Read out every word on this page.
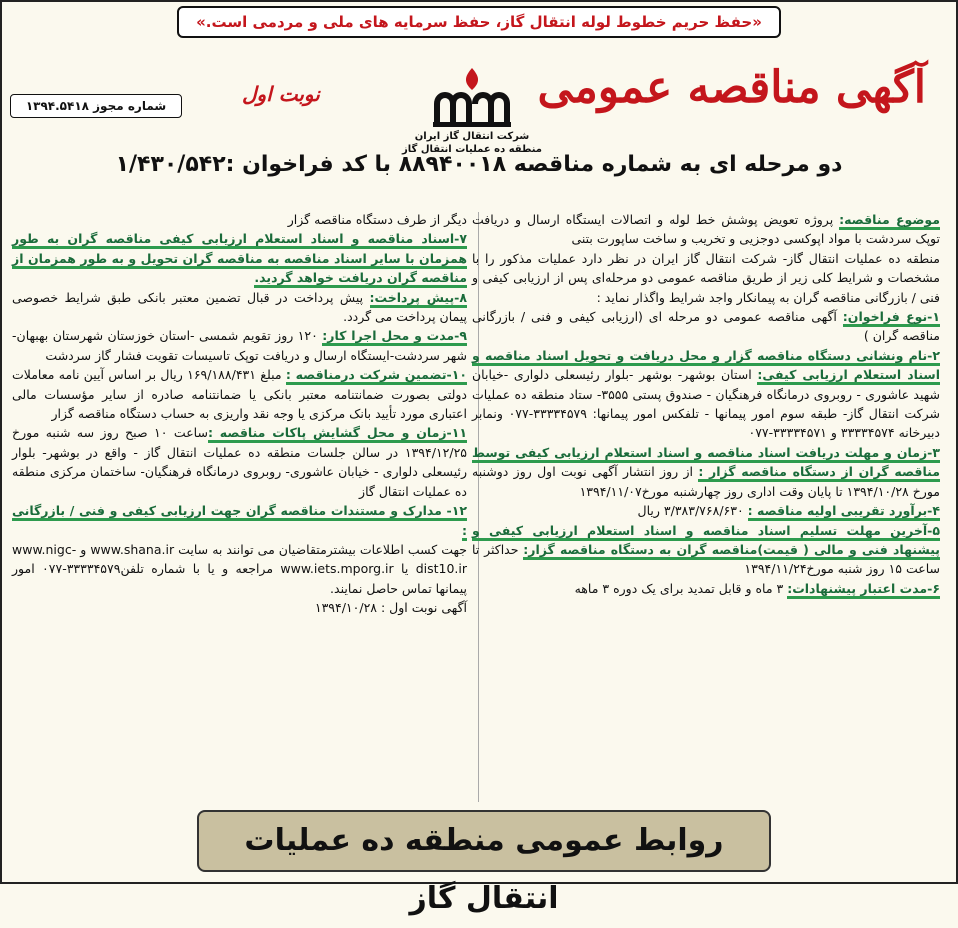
«حفظ حریم خطوط لوله انتقال گاز، حفظ سرمایه های ملی و مردمی است.»
شماره مجوز ۱۳۹۴.۵۴۱۸	نوبت اول
شرکت انتقال گاز ایران
منطقه ده عملیات انتقال گاز
آگهی مناقصه عمومی
دو مرحله ای به شماره مناقصه ۸۸۹۴۰۰۱۸ با کد فراخوان :۱/۴۳۰/۵۴۲
موضوع مناقصه: پروژه تعویض پوشش خط لوله و اتصالات ایستگاه ارسال و دریافت توپک سردشت با مواد اپوکسی دوجزیی و تخریب و ساخت ساپورت بتنی
منطقه ده عملیات انتقال گاز- شرکت انتقال گاز ایران در نظر دارد عملیات مذکور را با مشخصات و شرایط کلی زیر از طریق مناقصه عمومی دو مرحله‌ای پس از ارزیابی کیفی و فنی / بازرگانی مناقصه گران به پیمانکار واجد شرایط واگذار نماید :
۱-نوع فراخوان: آگهی مناقصه عمومی دو مرحله ای (ارزیابی کیفی و فنی / بازرگانی مناقصه گران )
۲-نام ونشانی دستگاه مناقصه گزار و محل دریافت و تحویل اسناد مناقصه و اسناد استعلام ارزیابی کیفی: استان بوشهر- بوشهر -بلوار رئیسعلی دلواری -خیابان شهید عاشوری - روبروی درمانگاه فرهنگیان - صندوق پستی ۳۵۵۵- ستاد منطقه ده عملیات شرکت انتقال گاز- طبقه سوم امور پیمانها - تلفکس امور پیمانها: ۳۳۳۳۴۵۷۹-۰۷۷ ونمابر دبیرخانه ۳۳۳۳۴۵۷۴ و ۳۳۳۳۴۵۷۱-۰۷۷
۳-زمان و مهلت دریافت اسناد مناقصه و اسناد استعلام ارزیابی کیفی توسط مناقصه گران از دستگاه مناقصه گزار : از روز انتشار آگهی نوبت اول روز دوشنبه مورخ ۱۳۹۴/۱۰/۲۸ تا پایان وقت اداری روز چهارشنبه مورخ۱۳۹۴/۱۱/۰۷
۴-برآورد تقریبی اولیه مناقصه : ۳/۳۸۳/۷۶۸/۶۳۰ ریال
۵-آخرین مهلت تسلیم اسناد مناقصه و اسناد استعلام ارزیابی کیفی و پیشنهاد فنی و مالی ( قیمت)مناقصه گران به دستگاه مناقصه گزار: حداکثر تا ساعت ۱۵ روز شنبه مورخ۱۳۹۴/۱۱/۲۴
۶-مدت اعتبار پیشنهادات: ۳ ماه و قابل تمدید برای یک دوره ۳ ماهه
دیگر از طرف دستگاه مناقصه گزار
۷-اسناد مناقصه و اسناد استعلام ارزیابی کیفی مناقصه گران به طور همزمان با سایر اسناد مناقصه به مناقصه گران تحویل و به طور همزمان از مناقصه گران دریافت خواهد گردید.
۸-پیش پرداخت: پیش پرداخت در قبال تضمین معتبر بانکی طبق شرایط خصوصی پیمان پرداخت می گردد.
۹-مدت و محل اجرا کار: ۱۲۰ روز تقویم شمسی -استان خوزستان شهرستان بهبهان-شهر سردشت-ایستگاه ارسال و دریافت توپک تاسیسات تقویت فشار گاز سردشت
۱۰-تضمین شرکت درمناقصه : مبلغ ۱۶۹/۱۸۸/۴۳۱ ریال بر اساس آیین نامه معاملات دولتی بصورت ضمانتنامه معتبر بانکی یا ضمانتنامه صادره از سایر مؤسسات مالی اعتباری مورد تأیید بانک مرکزی یا وجه نقد واریزی به حساب دستگاه مناقصه گزار
۱۱-زمان و محل گشایش پاکات مناقصه :ساعت ۱۰ صبح روز سه شنبه مورخ ۱۳۹۴/۱۲/۲۵ در سالن جلسات منطقه ده عملیات انتقال گاز - واقع در بوشهر- بلوار رئیسعلی دلواری - خیابان عاشوری- روبروی درمانگاه فرهنگیان- ساختمان مرکزی منطقه ده عملیات انتقال گاز
۱۲- مدارک و مستندات مناقصه گران جهت ارزیابی کیفی و فنی / بازرگانی :
جهت کسب اطلاعات بیشترمتقاضیان می توانند به سایت www.shana.ir و www.nigc-dist10.ir یا www.iets.mporg.ir مراجعه و یا با شماره تلفن۳۳۳۳۴۵۷۹-۰۷۷ امور پیمانها تماس حاصل نمایند.
آگهی نوبت اول : ۱۳۹۴/۱۰/۲۸
روابط عمومی منطقه ده عملیات انتقال گاز
